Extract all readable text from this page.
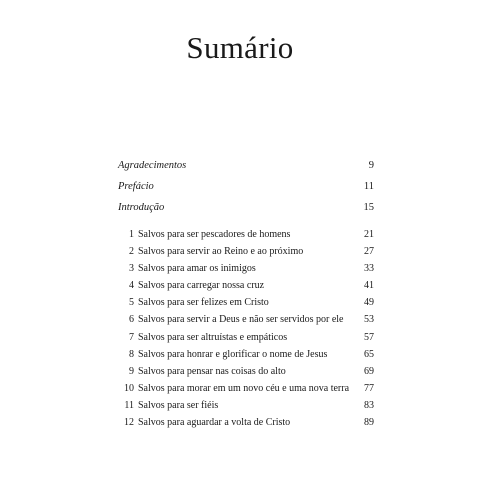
Sumário
Agradecimentos	9
Prefácio	11
Introdução	15
1 Salvos para ser pescadores de homens	21
2 Salvos para servir ao Reino e ao próximo	27
3 Salvos para amar os inimigos	33
4 Salvos para carregar nossa cruz	41
5 Salvos para ser felizes em Cristo	49
6 Salvos para servir a Deus e não ser servidos por ele	53
7 Salvos para ser altruístas e empáticos	57
8 Salvos para honrar e glorificar o nome de Jesus	65
9 Salvos para pensar nas coisas do alto	69
10 Salvos para morar em um novo céu e uma nova terra	77
11 Salvos para ser fiéis	83
12 Salvos para aguardar a volta de Cristo	89
